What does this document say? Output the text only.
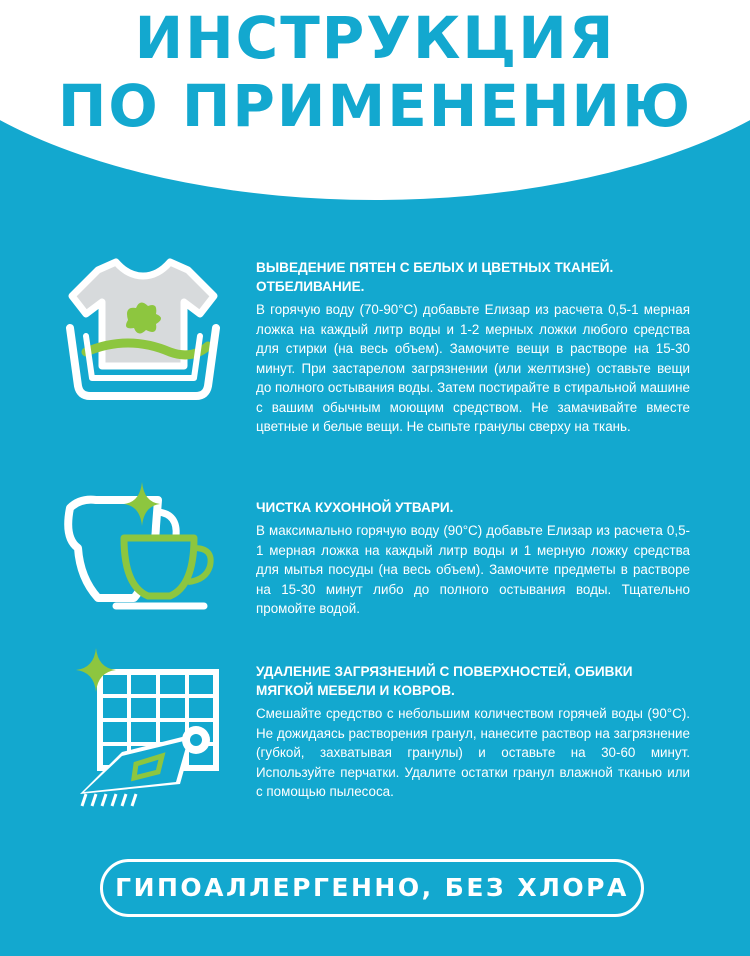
ИНСТРУКЦИЯ
ПО ПРИМЕНЕНИЮ
ВЫВЕДЕНИЕ ПЯТЕН С БЕЛЫХ И ЦВЕТНЫХ ТКАНЕЙ. ОТБЕЛИВАНИЕ.
В горячую воду (70-90°С) добавьте Елизар из расчета 0,5-1 мерная ложка на каждый литр воды и 1-2 мерных ложки любого средства для стирки (на весь объем). Замочите вещи в растворе на 15-30 минут. При застарелом загрязнении (или желтизне) оставьте вещи до полного остывания воды. Затем постирайте в стиральной машине с вашим обычным моющим средством. Не замачивайте вместе цветные и белые вещи. Не сыпьте гранулы сверху на ткань.
ЧИСТКА КУХОННОЙ УТВАРИ.
В максимально горячую воду (90°С) добавьте Елизар из расчета 0,5-1 мерная ложка на каждый литр воды и 1 мерную ложку средства для мытья посуды (на весь объем). Замочите предметы в растворе на 15-30 минут либо до полного остывания воды. Тщательно промойте водой.
УДАЛЕНИЕ ЗАГРЯЗНЕНИЙ С ПОВЕРХНОСТЕЙ, ОБИВКИ МЯГКОЙ МЕБЕЛИ И КОВРОВ.
Смешайте средство с небольшим количеством горячей воды (90°С). Не дожидаясь растворения гранул, нанесите раствор на загрязнение (губкой, захватывая гранулы) и оставьте на 30-60 минут. Используйте перчатки. Удалите остатки гранул влажной тканью или с помощью пылесоса.
ГИПОАЛЛЕРГЕННО, БЕЗ ХЛОРА
